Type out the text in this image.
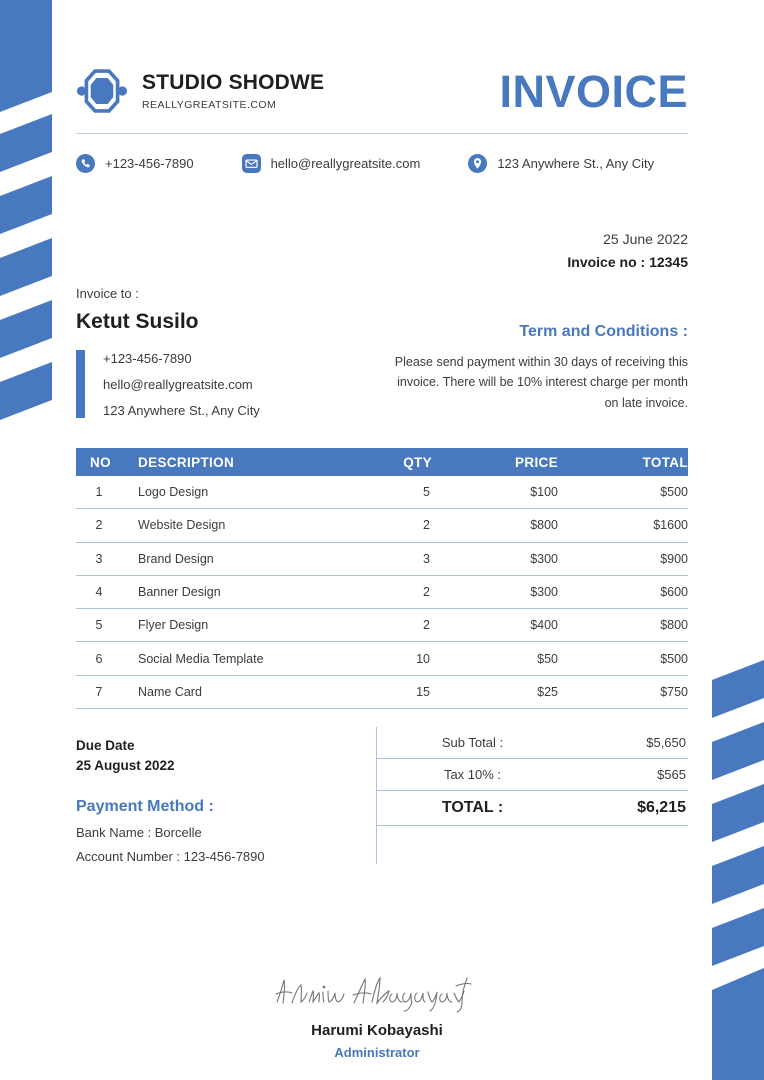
STUDIO SHODWE
REALLYGREATSITE.COM	INVOICE
+123-456-7890	hello@reallygreatsite.com	123 Anywhere St., Any City
25 June 2022
Invoice no : 12345
Invoice to :
Ketut Susilo
+123-456-7890
hello@reallygreatsite.com
123 Anywhere St., Any City
Term and Conditions :
Please send payment within 30 days of receiving this invoice. There will be 10% interest charge per month on late invoice.
NO	DESCRIPTION	QTY	PRICE	TOTAL
1	Logo Design	5	$100	$500
2	Website Design	2	$800	$1600
3	Brand Design	3	$300	$900
4	Banner Design	2	$300	$600
5	Flyer Design	2	$400	$800
6	Social Media Template	10	$50	$500
7	Name Card	15	$25	$750
Due Date
25 August 2022
Payment Method :
Bank Name : Borcelle
Account Number : 123-456-7890
Sub Total :	$5,650
Tax 10% :	$565
TOTAL :	$6,215
Harumi Kobayashi
Administrator
